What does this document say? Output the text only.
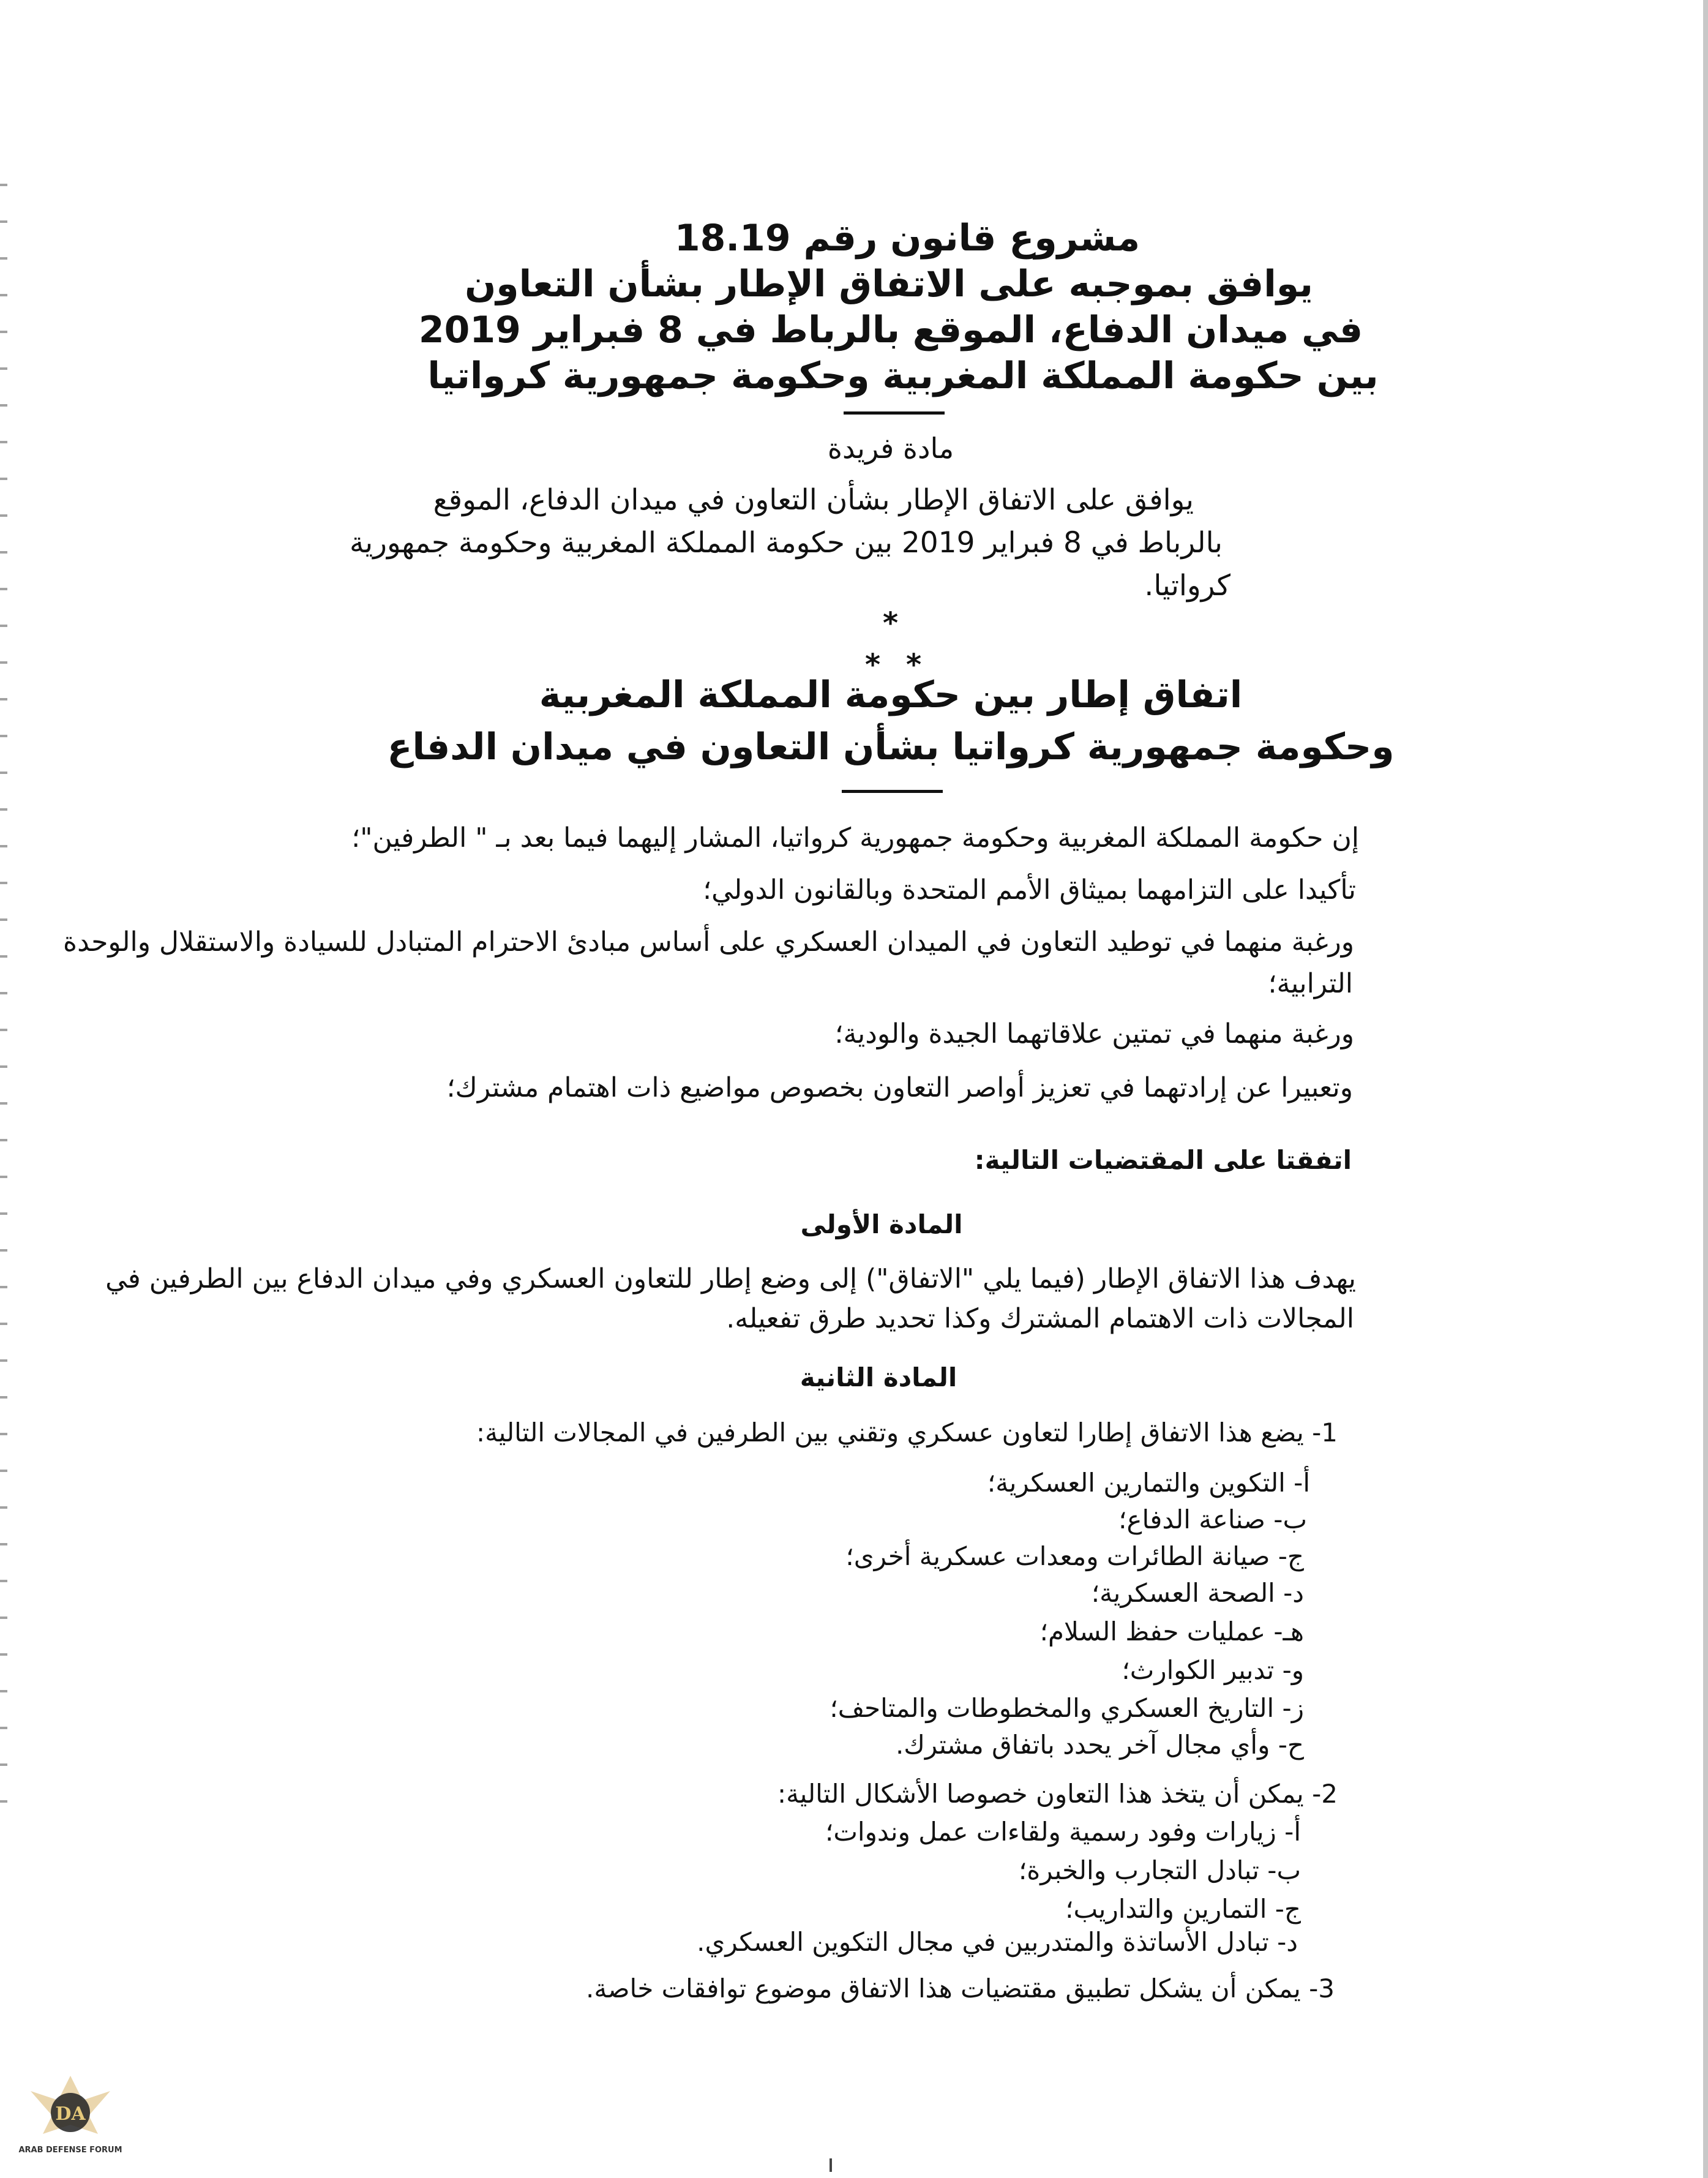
مشروع قانون رقم 18.19
يوافق بموجبه على الاتفاق الإطار بشأن التعاون
في ميدان الدفاع، الموقع بالرباط في 8 فبراير 2019
بين حكومة المملكة المغربية وحكومة جمهورية كرواتيا
مادة فريدة
يوافق على الاتفاق الإطار بشأن التعاون في ميدان الدفاع، الموقع
بالرباط في 8 فبراير 2019 بين حكومة المملكة المغربية وحكومة جمهورية
كرواتيا.
*
* *
اتفاق إطار بين حكومة المملكة المغربية
وحكومة جمهورية كرواتيا بشأن التعاون في ميدان الدفاع
إن حكومة المملكة المغربية وحكومة جمهورية كرواتيا، المشار إليهما فيما بعد بـ " الطرفين"؛
تأكيدا على التزامهما بميثاق الأمم المتحدة وبالقانون الدولي؛
ورغبة منهما في توطيد التعاون في الميدان العسكري على أساس مبادئ الاحترام المتبادل للسيادة والاستقلال والوحدة
الترابية؛
ورغبة منهما في تمتين علاقاتهما الجيدة والودية؛
وتعبيرا عن إرادتهما في تعزيز أواصر التعاون بخصوص مواضيع ذات اهتمام مشترك؛
اتفقتا على المقتضيات التالية:
المادة الأولى
يهدف هذا الاتفاق الإطار (فيما يلي "الاتفاق") إلى وضع إطار للتعاون العسكري وفي ميدان الدفاع بين الطرفين في
المجالات ذات الاهتمام المشترك وكذا تحديد طرق تفعيله.
المادة الثانية
1- يضع هذا الاتفاق إطارا لتعاون عسكري وتقني بين الطرفين في المجالات التالية:
أ- التكوين والتمارين العسكرية؛
ب- صناعة الدفاع؛
ج- صيانة الطائرات ومعدات عسكرية أخرى؛
د- الصحة العسكرية؛
هـ- عمليات حفظ السلام؛
و- تدبير الكوارث؛
ز- التاريخ العسكري والمخطوطات والمتاحف؛
ح- وأي مجال آخر يحدد باتفاق مشترك.
2- يمكن أن يتخذ هذا التعاون خصوصا الأشكال التالية:
أ- زيارات وفود رسمية ولقاءات عمل وندوات؛
ب- تبادل التجارب والخبرة؛
ج- التمارين والتداريب؛
د- تبادل الأساتذة والمتدربين في مجال التكوين العسكري.
3- يمكن أن يشكل تطبيق مقتضيات هذا الاتفاق موضوع توافقات خاصة.
DA
ARAB DEFENSE FORUM
